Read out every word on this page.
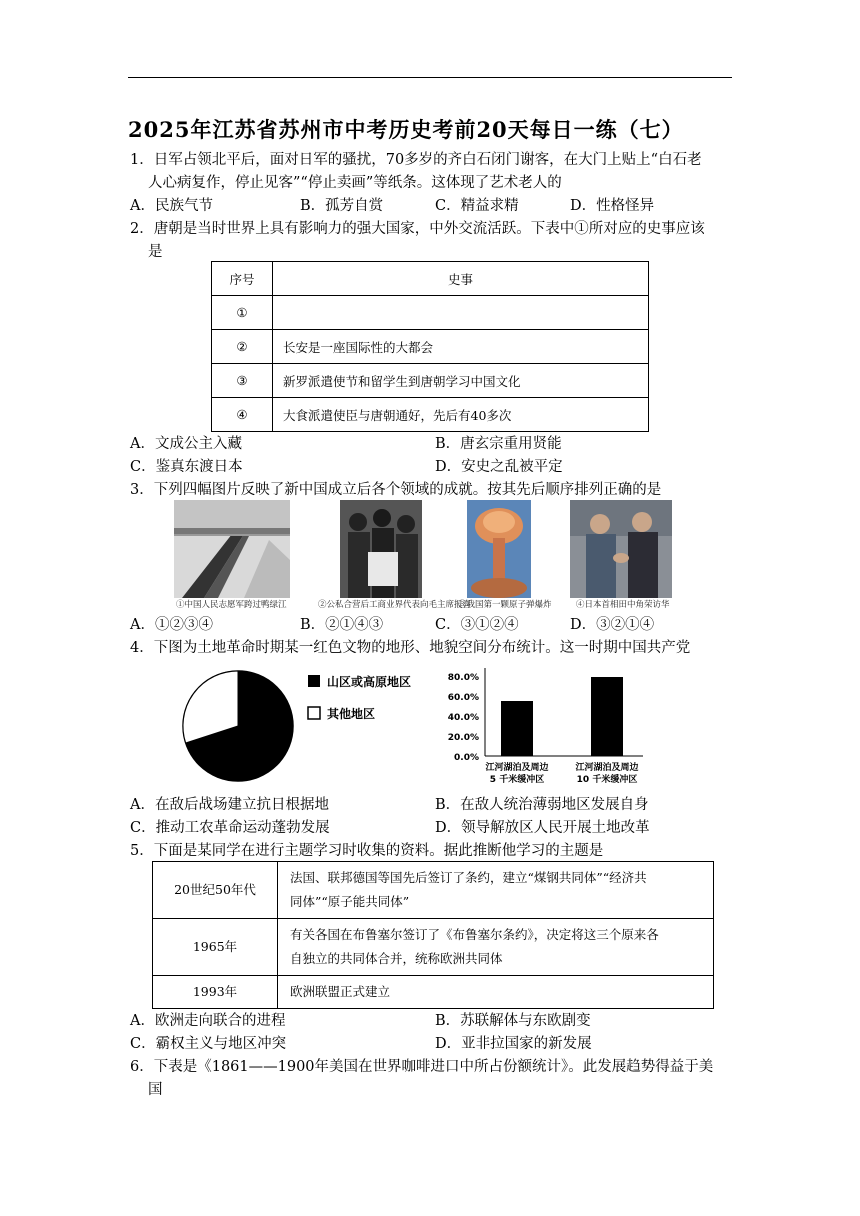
2025年江苏省苏州市中考历史考前20天每日一练（七）
1．日军占领北平后，面对日军的骚扰，70多岁的齐白石闭门谢客，在大门上贴上“白石老
人心病复作，停止见客”“停止卖画”等纸条。这体现了艺术老人的
A．民族气节	B．孤芳自赏	C．精益求精	D．性格怪异
2．唐朝是当时世界上具有影响力的强大国家，中外交流活跃。下表中①所对应的史事应该
是
序号	史事
①	
②	长安是一座国际性的大都会
③	新罗派遣使节和留学生到唐朝学习中国文化
④	大食派遣使臣与唐朝通好，先后有40多次
A．文成公主入藏	B．唐玄宗重用贤能
C．鉴真东渡日本	D．安史之乱被平定
3．下列四幅图片反映了新中国成立后各个领域的成就。按其先后顺序排列正确的是
①中国人民志愿军跨过鸭绿江	②公私合营后工商业界代表向毛主席报喜
③我国第一颗原子弹爆炸	④日本首相田中角荣访华
A．①②③④	B．②①④③	C．③①②④	D．③②①④
4．下图为土地革命时期某一红色文物的地形、地貌空间分布统计。这一时期中国共产党
山区或高原地区
其他地区
80.0%
60.0%
40.0%
20.0%
0.0%
江河湖泊及周边
5 千米缓冲区
江河湖泊及周边
10 千米缓冲区
A．在敌后战场建立抗日根据地	B．在敌人统治薄弱地区发展自身
C．推动工农革命运动蓬勃发展	D．领导解放区人民开展土地改革
5．下面是某同学在进行主题学习时收集的资料。据此推断他学习的主题是
20世纪50年代	法国、联邦德国等国先后签订了条约，建立“煤钢共同体”“经济共
同体”“原子能共同体”

1965年	有关各国在布鲁塞尔签订了《布鲁塞尔条约》，决定将这三个原来各
自独立的共同体合并，统称欧洲共同体

1993年	欧洲联盟正式建立
A．欧洲走向联合的进程	B．苏联解体与东欧剧变
C．霸权主义与地区冲突	D．亚非拉国家的新发展
6．下表是《1861——1900年美国在世界咖啡进口中所占份额统计》。此发展趋势得益于美
国
